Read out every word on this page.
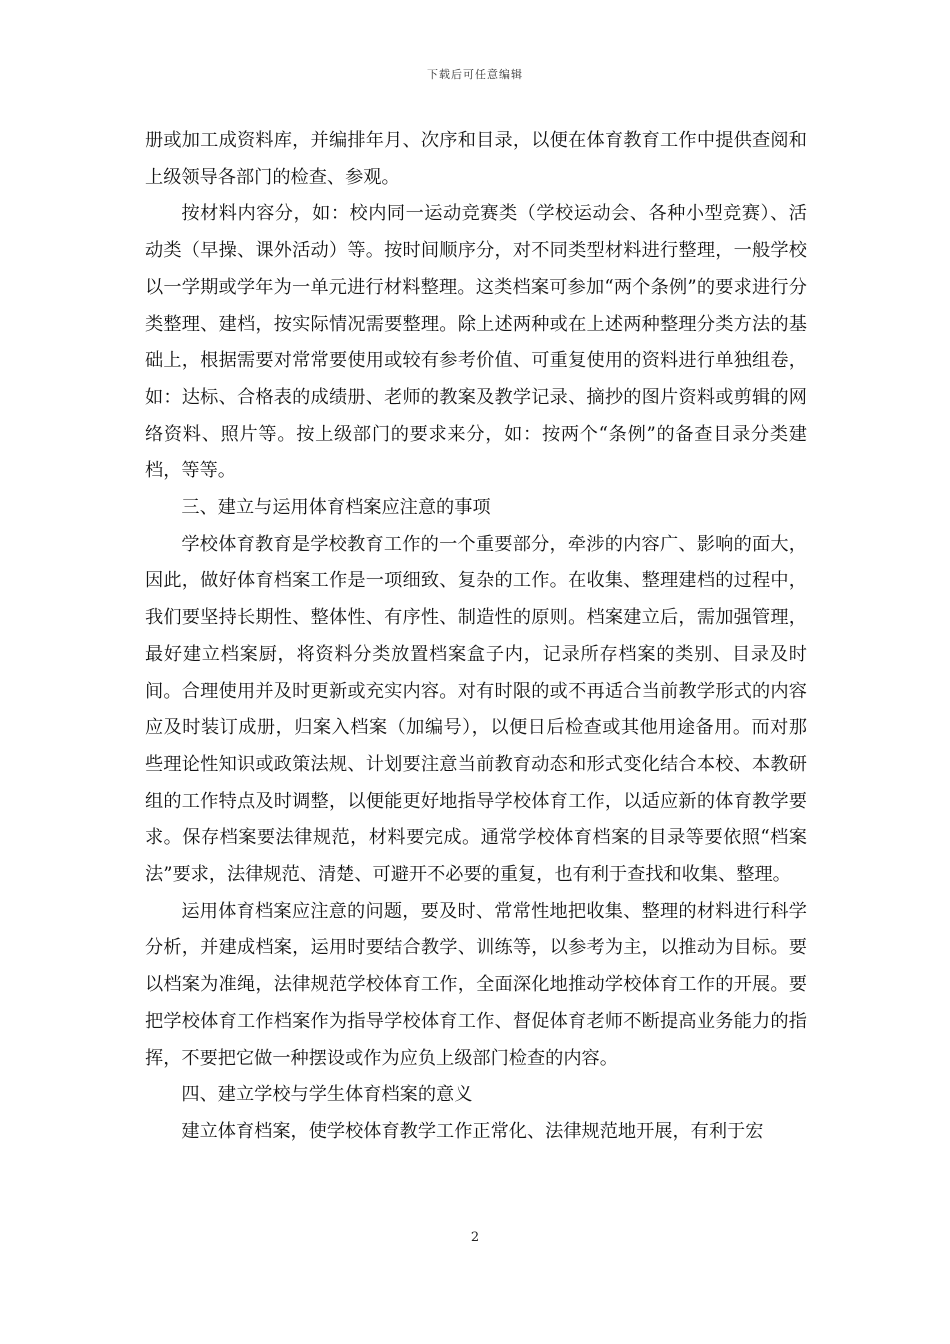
下载后可任意编辑

册或加工成资料库，并编排年月、次序和目录，以便在体育教育工作中提供查阅和上级领导各部门的检查、参观。

按材料内容分，如：校内同一运动竞赛类（学校运动会、各种小型竞赛）、活动类（早操、课外活动）等。按时间顺序分，对不同类型材料进行整理，一般学校以一学期或学年为一单元进行材料整理。这类档案可参加“两个条例”的要求进行分类整理、建档，按实际情况需要整理。除上述两种或在上述两种整理分类方法的基础上，根据需要对常常要使用或较有参考价值、可重复使用的资料进行单独组卷，如：达标、合格表的成绩册、老师的教案及教学记录、摘抄的图片资料或剪辑的网络资料、照片等。按上级部门的要求来分，如：按两个“条例”的备查目录分类建档，等等。

三、建立与运用体育档案应注意的事项

学校体育教育是学校教育工作的一个重要部分，牵涉的内容广、影响的面大，因此，做好体育档案工作是一项细致、复杂的工作。在收集、整理建档的过程中，我们要坚持长期性、整体性、有序性、制造性的原则。档案建立后，需加强管理，最好建立档案厨，将资料分类放置档案盒子内，记录所存档案的类别、目录及时间。合理使用并及时更新或充实内容。对有时限的或不再适合当前教学形式的内容应及时装订成册，归案入档案（加编号），以便日后检查或其他用途备用。而对那些理论性知识或政策法规、计划要注意当前教育动态和形式变化结合本校、本教研组的工作特点及时调整，以便能更好地指导学校体育工作，以适应新的体育教学要求。保存档案要法律规范，材料要完成。通常学校体育档案的目录等要依照“档案法”要求，法律规范、清楚、可避开不必要的重复，也有利于查找和收集、整理。

运用体育档案应注意的问题，要及时、常常性地把收集、整理的材料进行科学分析，并建成档案，运用时要结合教学、训练等，以参考为主，以推动为目标。要以档案为准绳，法律规范学校体育工作，全面深化地推动学校体育工作的开展。要把学校体育工作档案作为指导学校体育工作、督促体育老师不断提高业务能力的指挥，不要把它做一种摆设或作为应负上级部门检查的内容。

四、建立学校与学生体育档案的意义

建立体育档案，使学校体育教学工作正常化、法律规范地开展，有利于宏

2
